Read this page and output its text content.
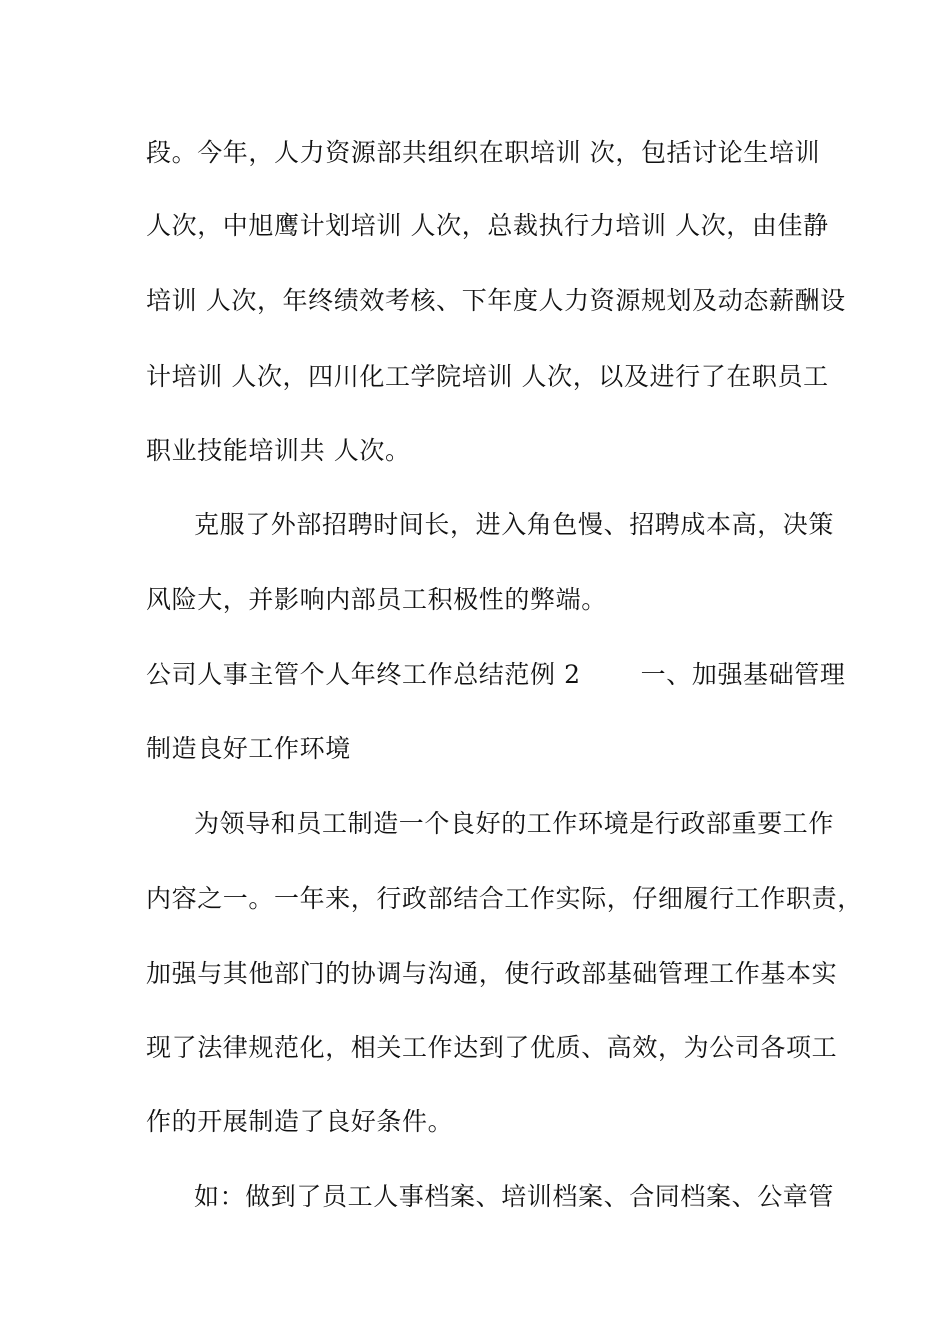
段。今年，人力资源部共组织在职培训 次，包括讨论生培训
人次，中旭鹰计划培训 人次，总裁执行力培训 人次，由佳静
培训 人次，年终绩效考核、下年度人力资源规划及动态薪酬设
计培训 人次，四川化工学院培训 人次，以及进行了在职员工
职业技能培训共 人次。
克服了外部招聘时间长，进入角色慢、招聘成本高，决策
风险大，并影响内部员工积极性的弊端。
公司人事主管个人年终工作总结范例 2 一、加强基础管理
制造良好工作环境
为领导和员工制造一个良好的工作环境是行政部重要工作
内容之一。一年来，行政部结合工作实际，仔细履行工作职责，
加强与其他部门的协调与沟通，使行政部基础管理工作基本实
现了法律规范化，相关工作达到了优质、高效，为公司各项工
作的开展制造了良好条件。
如：做到了员工人事档案、培训档案、合同档案、公章管
